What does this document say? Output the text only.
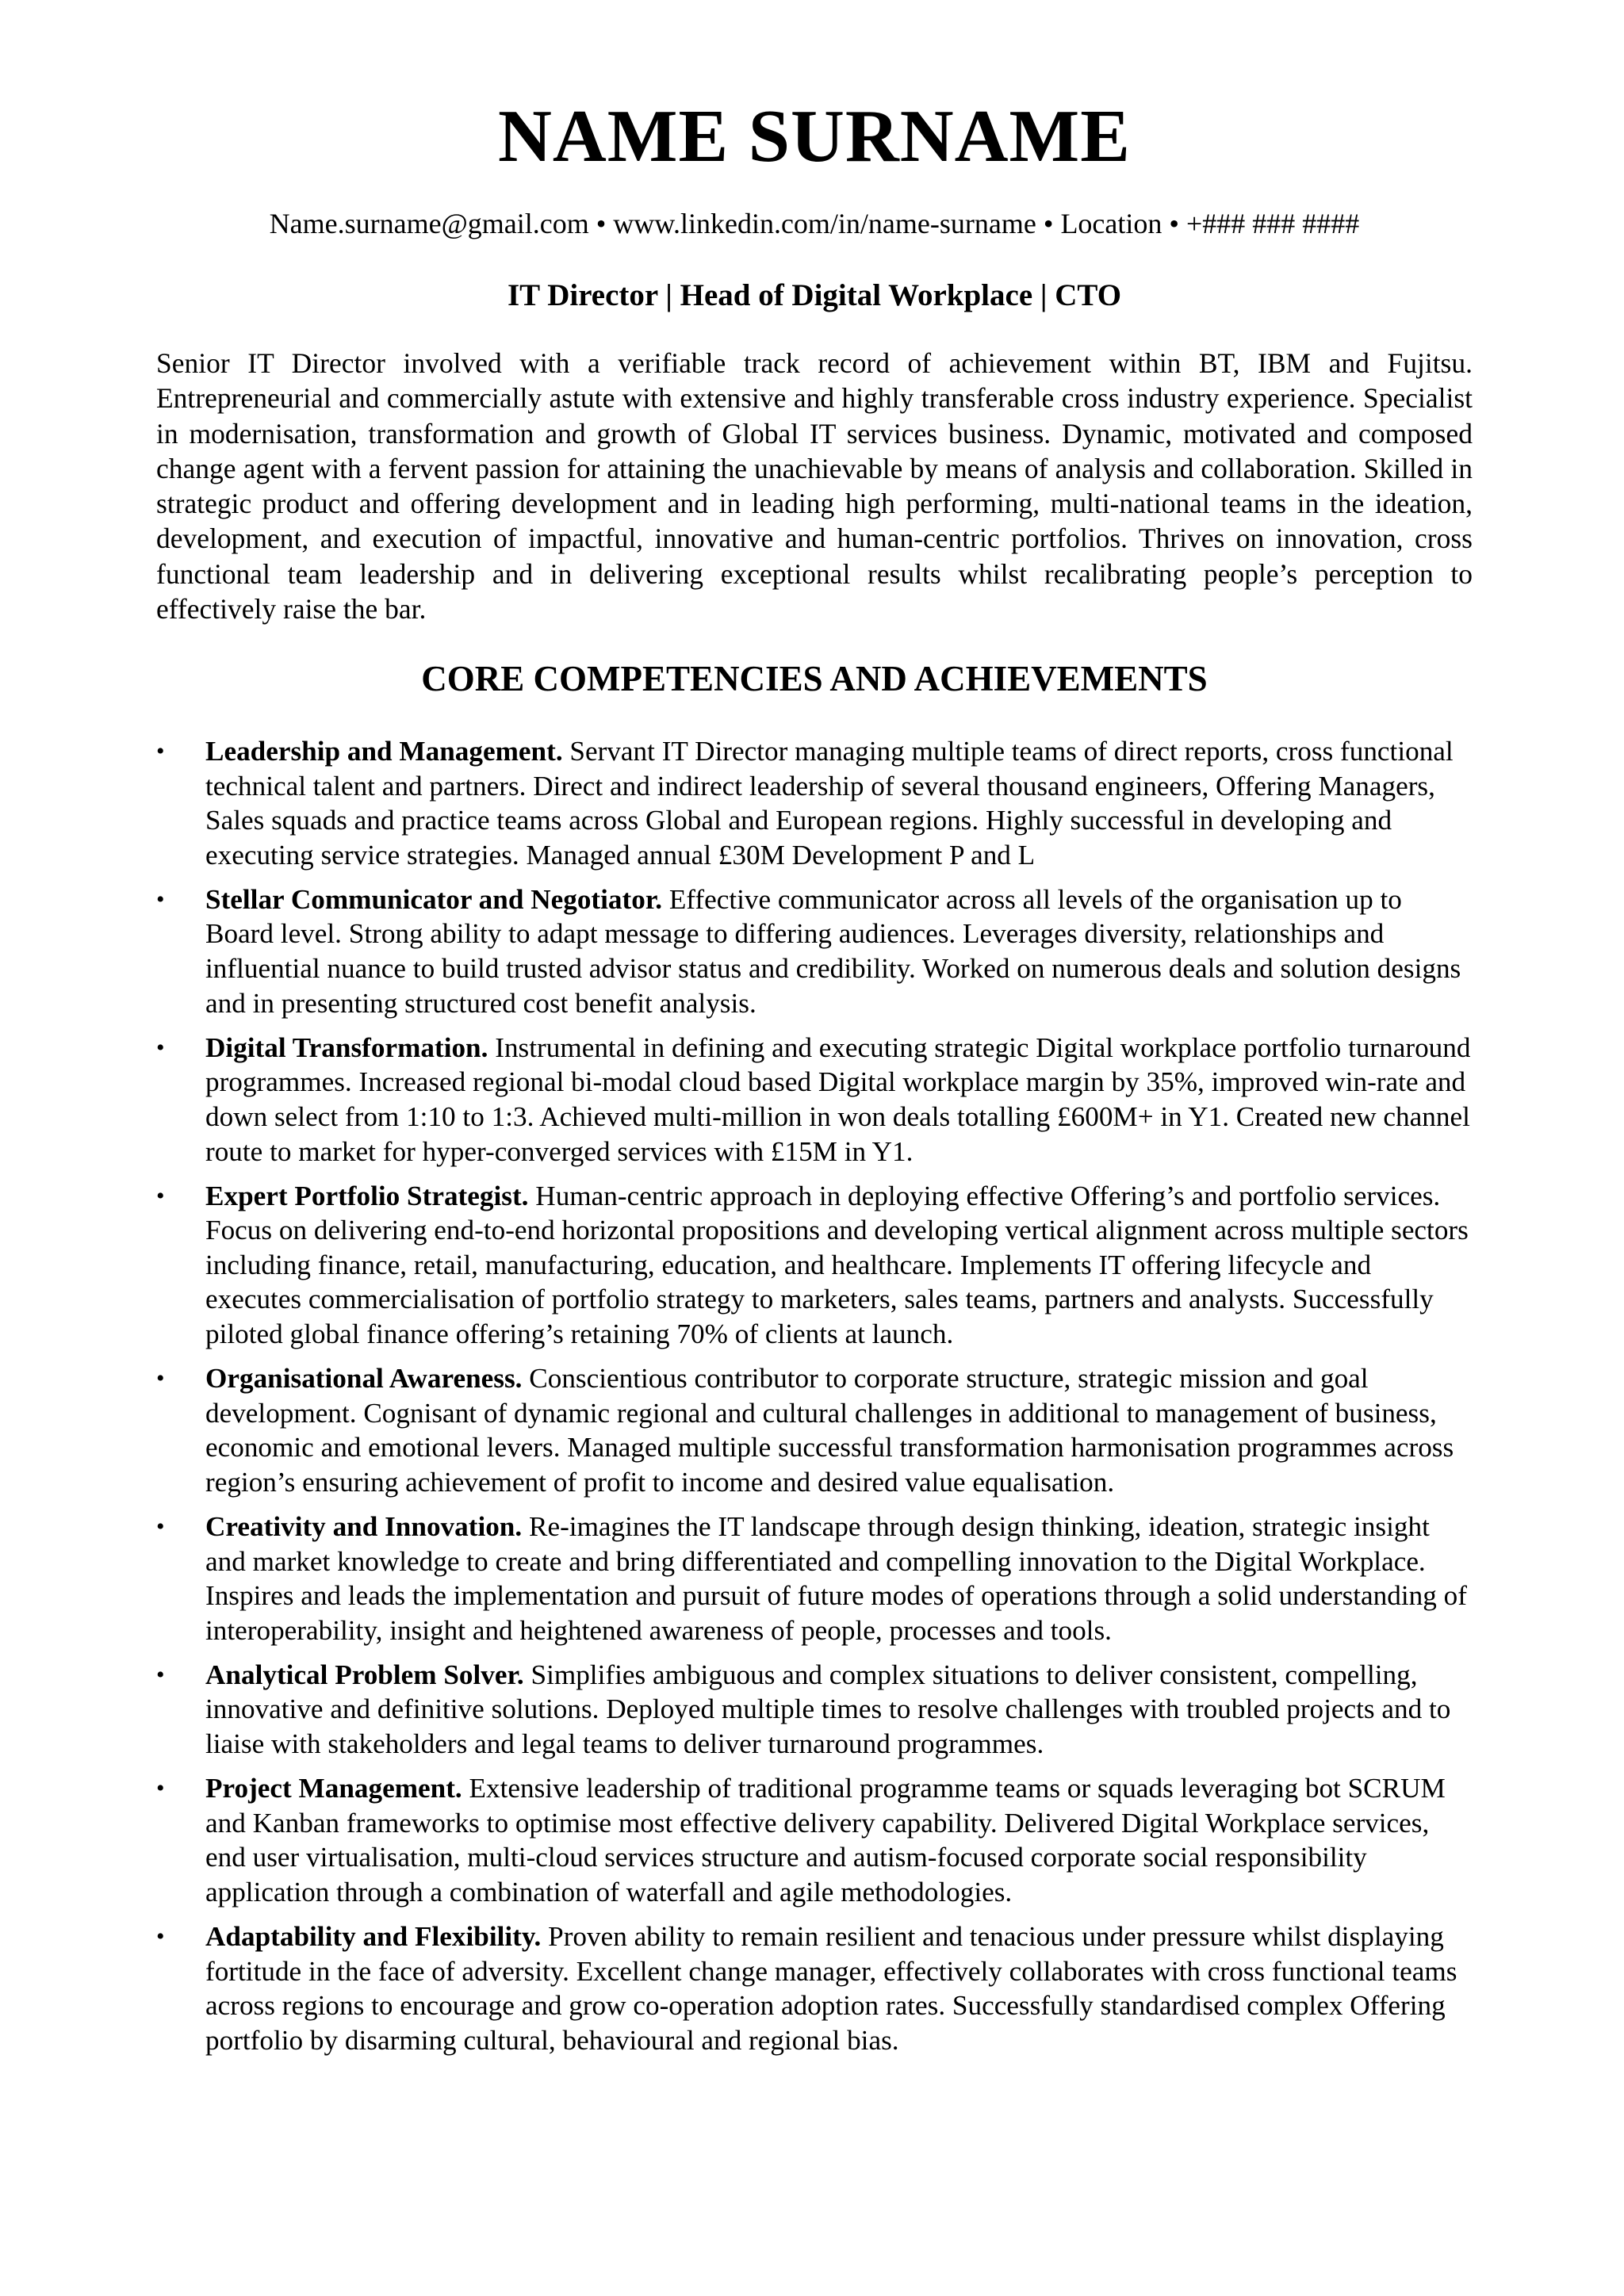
NAME SURNAME

Name.surname@gmail.com • www.linkedin.com/in/name-surname • Location • +### ### ####

IT Director | Head of Digital Workplace | CTO

Senior IT Director involved with a verifiable track record of achievement within BT, IBM and Fujitsu. Entrepreneurial and commercially astute with extensive and highly transferable cross industry experience. Specialist in modernisation, transformation and growth of Global IT services business. Dynamic, motivated and composed change agent with a fervent passion for attaining the unachievable by means of analysis and collaboration. Skilled in strategic product and offering development and in leading high performing, multi-national teams in the ideation, development, and execution of impactful, innovative and human-centric portfolios. Thrives on innovation, cross functional team leadership and in delivering exceptional results whilst recalibrating people’s perception to effectively raise the bar.

CORE COMPETENCIES AND ACHIEVEMENTS
•	Leadership and Management. Servant IT Director managing multiple teams of direct reports, cross functional technical talent and partners. Direct and indirect leadership of several thousand engineers, Offering Managers, Sales squads and practice teams across Global and European regions. Highly successful in developing and executing service strategies. Managed annual £30M Development P and L
•	Stellar Communicator and Negotiator. Effective communicator across all levels of the organisation up to Board level. Strong ability to adapt message to differing audiences. Leverages diversity, relationships and influential nuance to build trusted advisor status and credibility. Worked on numerous deals and solution designs and in presenting structured cost benefit analysis.
•	Digital Transformation. Instrumental in defining and executing strategic Digital workplace portfolio turnaround programmes. Increased regional bi-modal cloud based Digital workplace margin by 35%, improved win-rate and down select from 1:10 to 1:3. Achieved multi-million in won deals totalling £600M+ in Y1. Created new channel route to market for hyper-converged services with £15M in Y1.
•	Expert Portfolio Strategist. Human-centric approach in deploying effective Offering’s and portfolio services. Focus on delivering end-to-end horizontal propositions and developing vertical alignment across multiple sectors including finance, retail, manufacturing, education, and healthcare. Implements IT offering lifecycle and executes commercialisation of portfolio strategy to marketers, sales teams, partners and analysts. Successfully piloted global finance offering’s retaining 70% of clients at launch.
•	Organisational Awareness. Conscientious contributor to corporate structure, strategic mission and goal development. Cognisant of dynamic regional and cultural challenges in additional to management of business, economic and emotional levers. Managed multiple successful transformation harmonisation programmes across region’s ensuring achievement of profit to income and desired value equalisation.
•	Creativity and Innovation. Re-imagines the IT landscape through design thinking, ideation, strategic insight and market knowledge to create and bring differentiated and compelling innovation to the Digital Workplace. Inspires and leads the implementation and pursuit of future modes of operations through a solid understanding of interoperability, insight and heightened awareness of people, processes and tools.
•	Analytical Problem Solver. Simplifies ambiguous and complex situations to deliver consistent, compelling, innovative and definitive solutions. Deployed multiple times to resolve challenges with troubled projects and to liaise with stakeholders and legal teams to deliver turnaround programmes.
•	Project Management. Extensive leadership of traditional programme teams or squads leveraging bot SCRUM and Kanban frameworks to optimise most effective delivery capability. Delivered Digital Workplace services, end user virtualisation, multi-cloud services structure and autism-focused corporate social responsibility application through a combination of waterfall and agile methodologies.
•	Adaptability and Flexibility. Proven ability to remain resilient and tenacious under pressure whilst displaying fortitude in the face of adversity. Excellent change manager, effectively collaborates with cross functional teams across regions to encourage and grow co-operation adoption rates. Successfully standardised complex Offering portfolio by disarming cultural, behavioural and regional bias.
